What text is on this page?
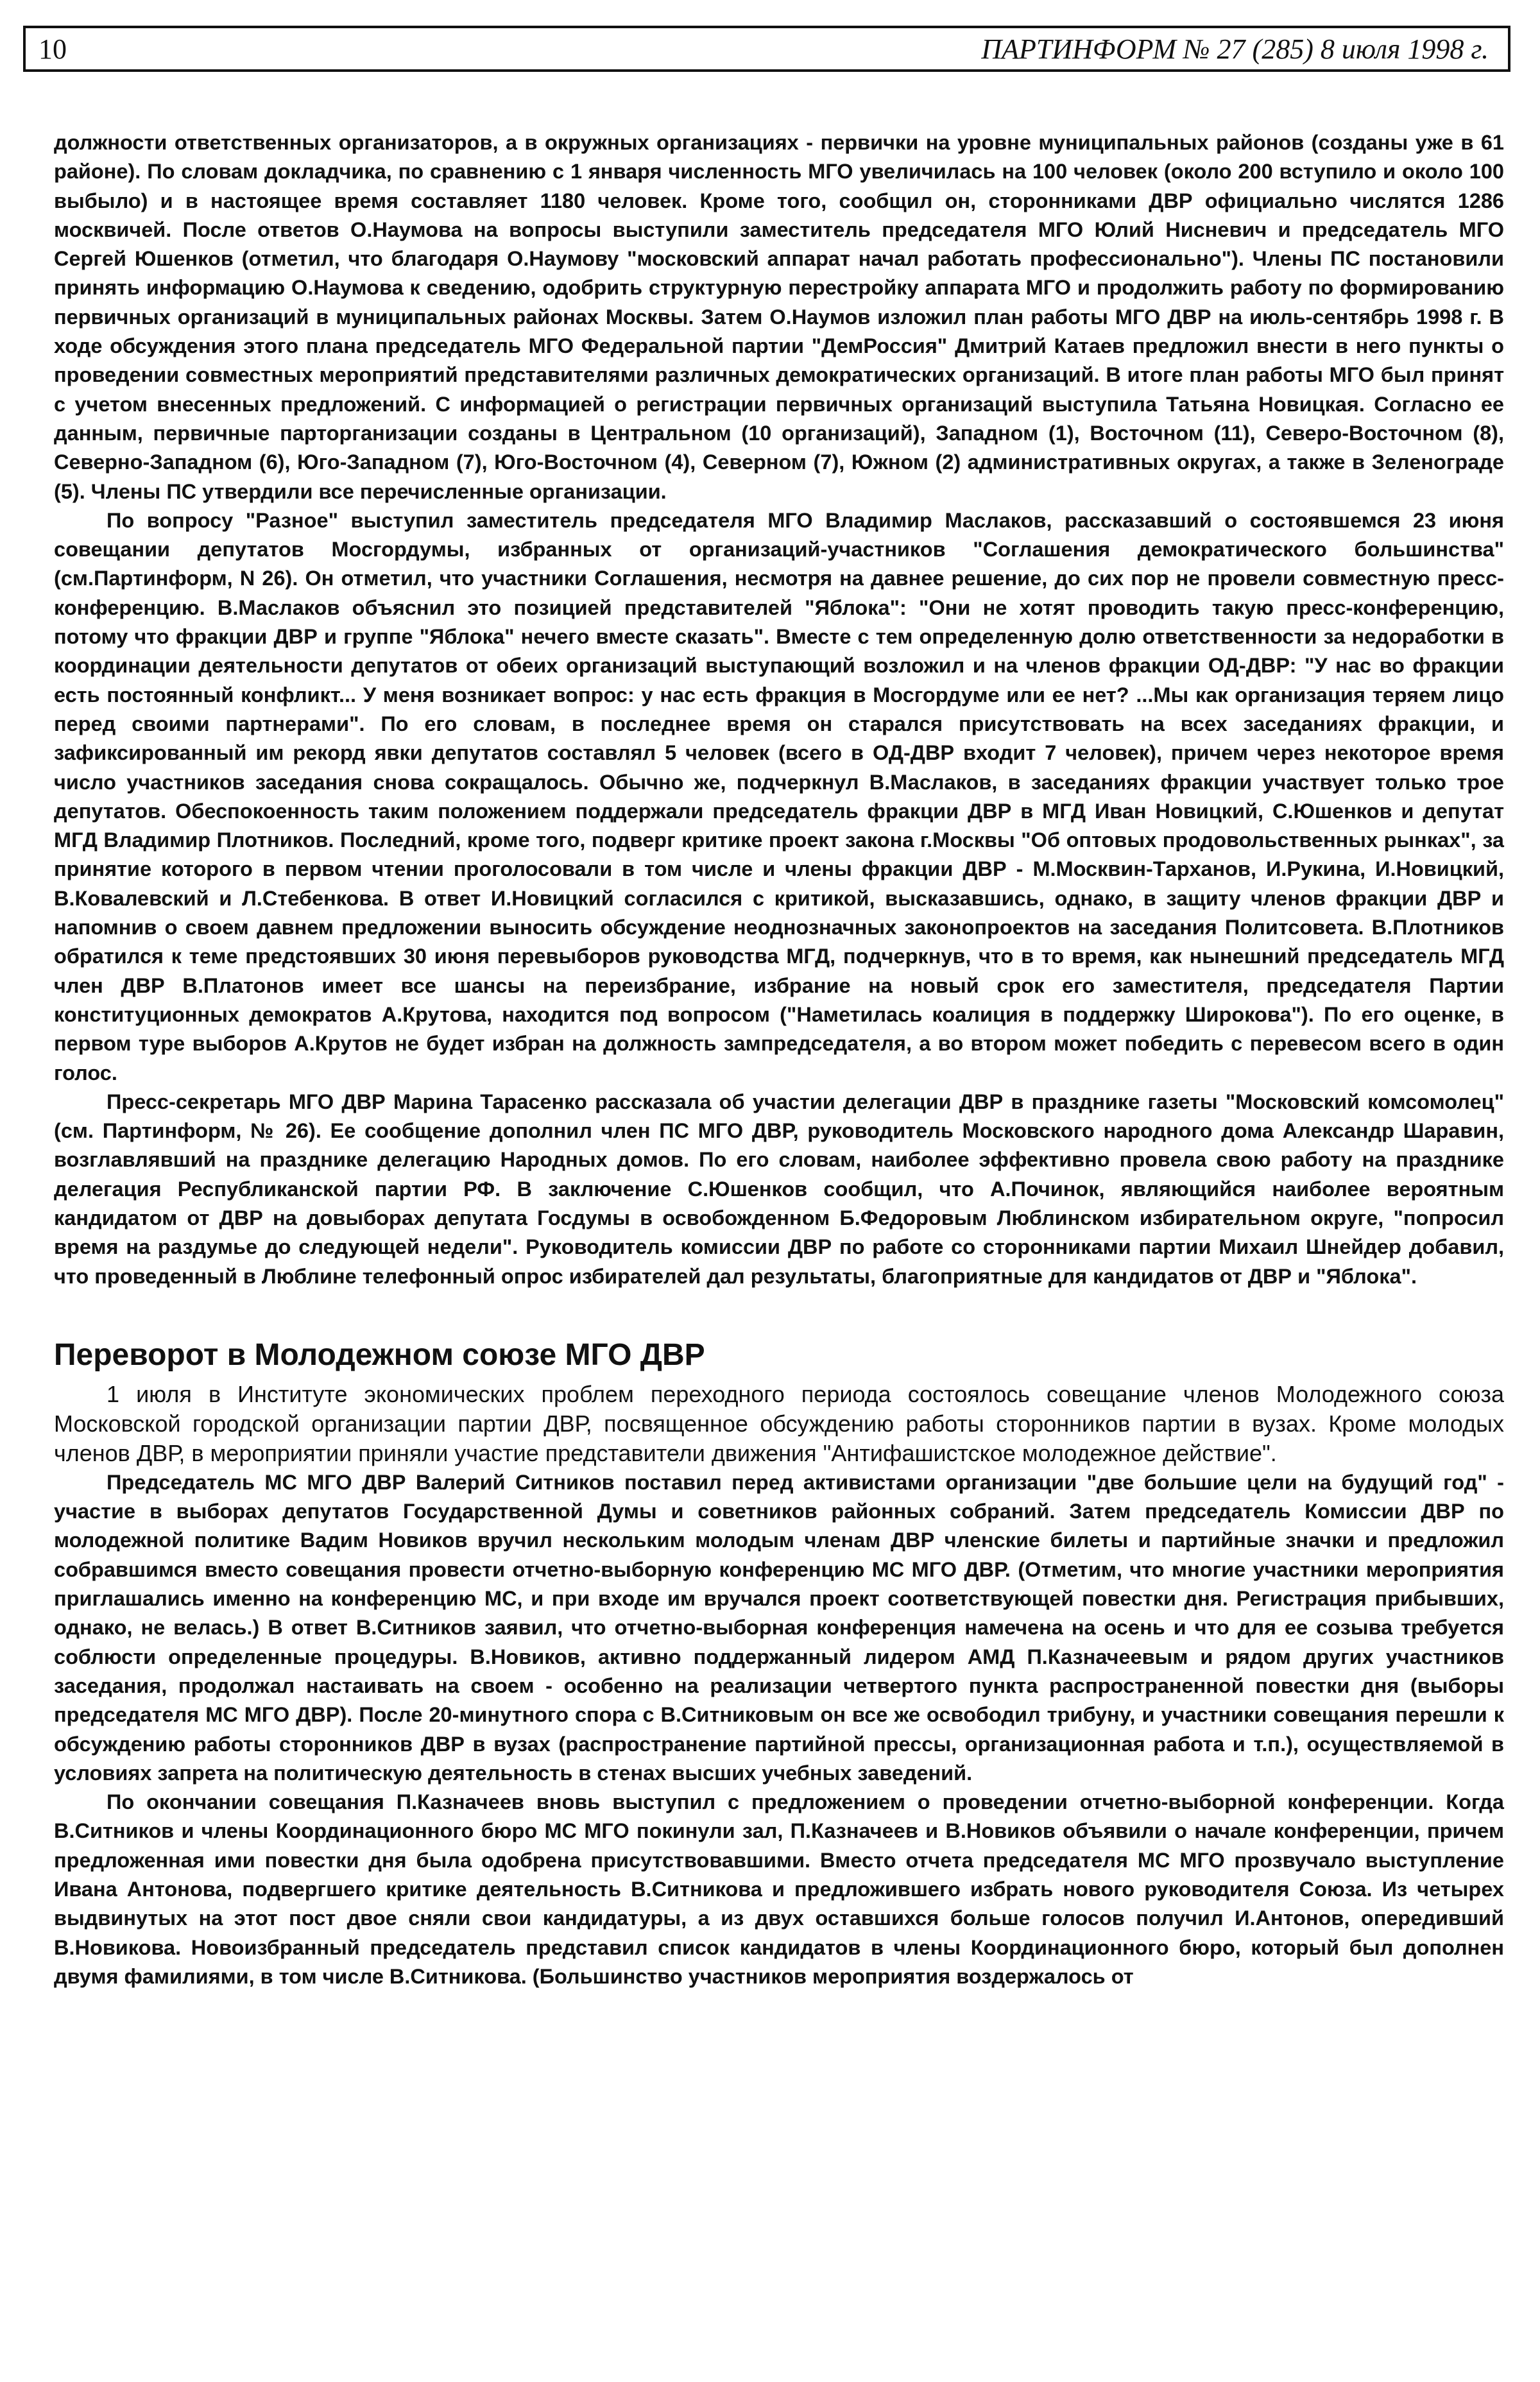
10	ПАРТИНФОРМ № 27 (285) 8 июля 1998 г.

должности ответственных организаторов, а в окружных организациях - первички на уровне муниципальных районов (созданы уже в 61 районе). По словам докладчика, по сравнению с 1 января численность МГО увеличилась на 100 человек (около 200 вступило и около 100 выбыло) и в настоящее время составляет 1180 человек. Кроме того, сообщил он, сторонниками ДВР официально числятся 1286 москвичей. После ответов О.Наумова на вопросы выступили заместитель председателя МГО Юлий Нисневич и председатель МГО Сергей Юшенков (отметил, что благодаря О.Наумову "московский аппарат начал работать профессионально"). Члены ПС постановили принять информацию О.Наумова к сведению, одобрить структурную перестройку аппарата МГО и продолжить работу по формированию первичных организаций в муниципальных районах Москвы. Затем О.Наумов изложил план работы МГО ДВР на июль-сентябрь 1998 г. В ходе обсуждения этого плана председатель МГО Федеральной партии "ДемРоссия" Дмитрий Катаев предложил внести в него пункты о проведении совместных мероприятий представителями различных демократических организаций. В итоге план работы МГО был принят с учетом внесенных предложений. С информацией о регистрации первичных организаций выступила Татьяна Новицкая. Согласно ее данным, первичные парторганизации созданы в Центральном (10 организаций), Западном (1), Восточном (11), Северо-Восточном (8), Северно-Западном (6), Юго-Западном (7), Юго-Восточном (4), Северном (7), Южном (2) административных округах, а также в Зеленограде (5). Члены ПС утвердили все перечисленные организации.

По вопросу "Разное" выступил заместитель председателя МГО Владимир Маслаков, рассказавший о состоявшемся 23 июня совещании депутатов Мосгордумы, избранных от организаций-участников "Соглашения демократического большинства" (см.Партинформ, N 26). Он отметил, что участники Соглашения, несмотря на давнее решение, до сих пор не провели совместную пресс-конференцию. В.Маслаков объяснил это позицией представителей "Яблока": "Они не хотят проводить такую пресс-конференцию, потому что фракции ДВР и группе "Яблока" нечего вместе сказать". Вместе с тем определенную долю ответственности за недоработки в координации деятельности депутатов от обеих организаций выступающий возложил и на членов фракции ОД-ДВР: "У нас во фракции есть постоянный конфликт... У меня возникает вопрос: у нас есть фракция в Мосгордуме или ее нет? ...Мы как организация теряем лицо перед своими партнерами". По его словам, в последнее время он старался присутствовать на всех заседаниях фракции, и зафиксированный им рекорд явки депутатов составлял 5 человек (всего в ОД-ДВР входит 7 человек), причем через некоторое время число участников заседания снова сокращалось. Обычно же, подчеркнул В.Маслаков, в заседаниях фракции участвует только трое депутатов. Обеспокоенность таким положением поддержали председатель фракции ДВР в МГД Иван Новицкий, С.Юшенков и депутат МГД Владимир Плотников. Последний, кроме того, подверг критике проект закона г.Москвы "Об оптовых продовольственных рынках", за принятие которого в первом чтении проголосовали в том числе и члены фракции ДВР - М.Москвин-Тарханов, И.Рукина, И.Новицкий, В.Ковалевский и Л.Стебенкова. В ответ И.Новицкий согласился с критикой, высказавшись, однако, в защиту членов фракции ДВР и напомнив о своем давнем предложении выносить обсуждение неоднозначных законопроектов на заседания Политсовета. В.Плотников обратился к теме предстоявших 30 июня перевыборов руководства МГД, подчеркнув, что в то время, как нынешний председатель МГД член ДВР В.Платонов имеет все шансы на переизбрание, избрание на новый срок его заместителя, председателя Партии конституционных демократов А.Крутова, находится под вопросом ("Наметилась коалиция в поддержку Широкова"). По его оценке, в первом туре выборов А.Крутов не будет избран на должность зампредседателя, а во втором может победить с перевесом всего в один голос.

Пресс-секретарь МГО ДВР Марина Тарасенко рассказала об участии делегации ДВР в празднике газеты "Московский комсомолец" (см. Партинформ, № 26). Ее сообщение дополнил член ПС МГО ДВР, руководитель Московского народного дома Александр Шаравин, возглавлявший на празднике делегацию Народных домов. По его словам, наиболее эффективно провела свою работу на празднике делегация Республиканской партии РФ. В заключение С.Юшенков сообщил, что А.Починок, являющийся наиболее вероятным кандидатом от ДВР на довыборах депутата Госдумы в освобожденном Б.Федоровым Люблинском избирательном округе, "попросил время на раздумье до следующей недели". Руководитель комиссии ДВР по работе со сторонниками партии Михаил Шнейдер добавил, что проведенный в Люблине телефонный опрос избирателей дал результаты, благоприятные для кандидатов от ДВР и "Яблока".

Переворот в Молодежном союзе МГО ДВР

1 июля в Институте экономических проблем переходного периода состоялось совещание членов Молодежного союза Московской городской организации партии ДВР, посвященное обсуждению работы сторонников партии в вузах. Кроме молодых членов ДВР, в мероприятии приняли участие представители движения "Антифашистское молодежное действие".

Председатель МС МГО ДВР Валерий Ситников поставил перед активистами организации "две большие цели на будущий год" - участие в выборах депутатов Государственной Думы и советников районных собраний. Затем председатель Комиссии ДВР по молодежной политике Вадим Новиков вручил нескольким молодым членам ДВР членские билеты и партийные значки и предложил собравшимся вместо совещания провести отчетно-выборную конференцию МС МГО ДВР. (Отметим, что многие участники мероприятия приглашались именно на конференцию МС, и при входе им вручался проект соответствующей повестки дня. Регистрация прибывших, однако, не велась.) В ответ В.Ситников заявил, что отчетно-выборная конференция намечена на осень и что для ее созыва требуется соблюсти определенные процедуры. В.Новиков, активно поддержанный лидером АМД П.Казначеевым и рядом других участников заседания, продолжал настаивать на своем - особенно на реализации четвертого пункта распространенной повестки дня (выборы председателя МС МГО ДВР). После 20-минутного спора с В.Ситниковым он все же освободил трибуну, и участники совещания перешли к обсуждению работы сторонников ДВР в вузах (распространение партийной прессы, организационная работа и т.п.), осуществляемой в условиях запрета на политическую деятельность в стенах высших учебных заведений.

По окончании совещания П.Казначеев вновь выступил с предложением о проведении отчетно-выборной конференции. Когда В.Ситников и члены Координационного бюро МС МГО покинули зал, П.Казначеев и В.Новиков объявили о начале конференции, причем предложенная ими повестки дня была одобрена присутствовавшими. Вместо отчета председателя МС МГО прозвучало выступление Ивана Антонова, подвергшего критике деятельность В.Ситникова и предложившего избрать нового руководителя Союза. Из четырех выдвинутых на этот пост двое сняли свои кандидатуры, а из двух оставшихся больше голосов получил И.Антонов, опередивший В.Новикова. Новоизбранный председатель представил список кандидатов в члены Координационного бюро, который был дополнен двумя фамилиями, в том числе В.Ситникова. (Большинство участников мероприятия воздержалось от
